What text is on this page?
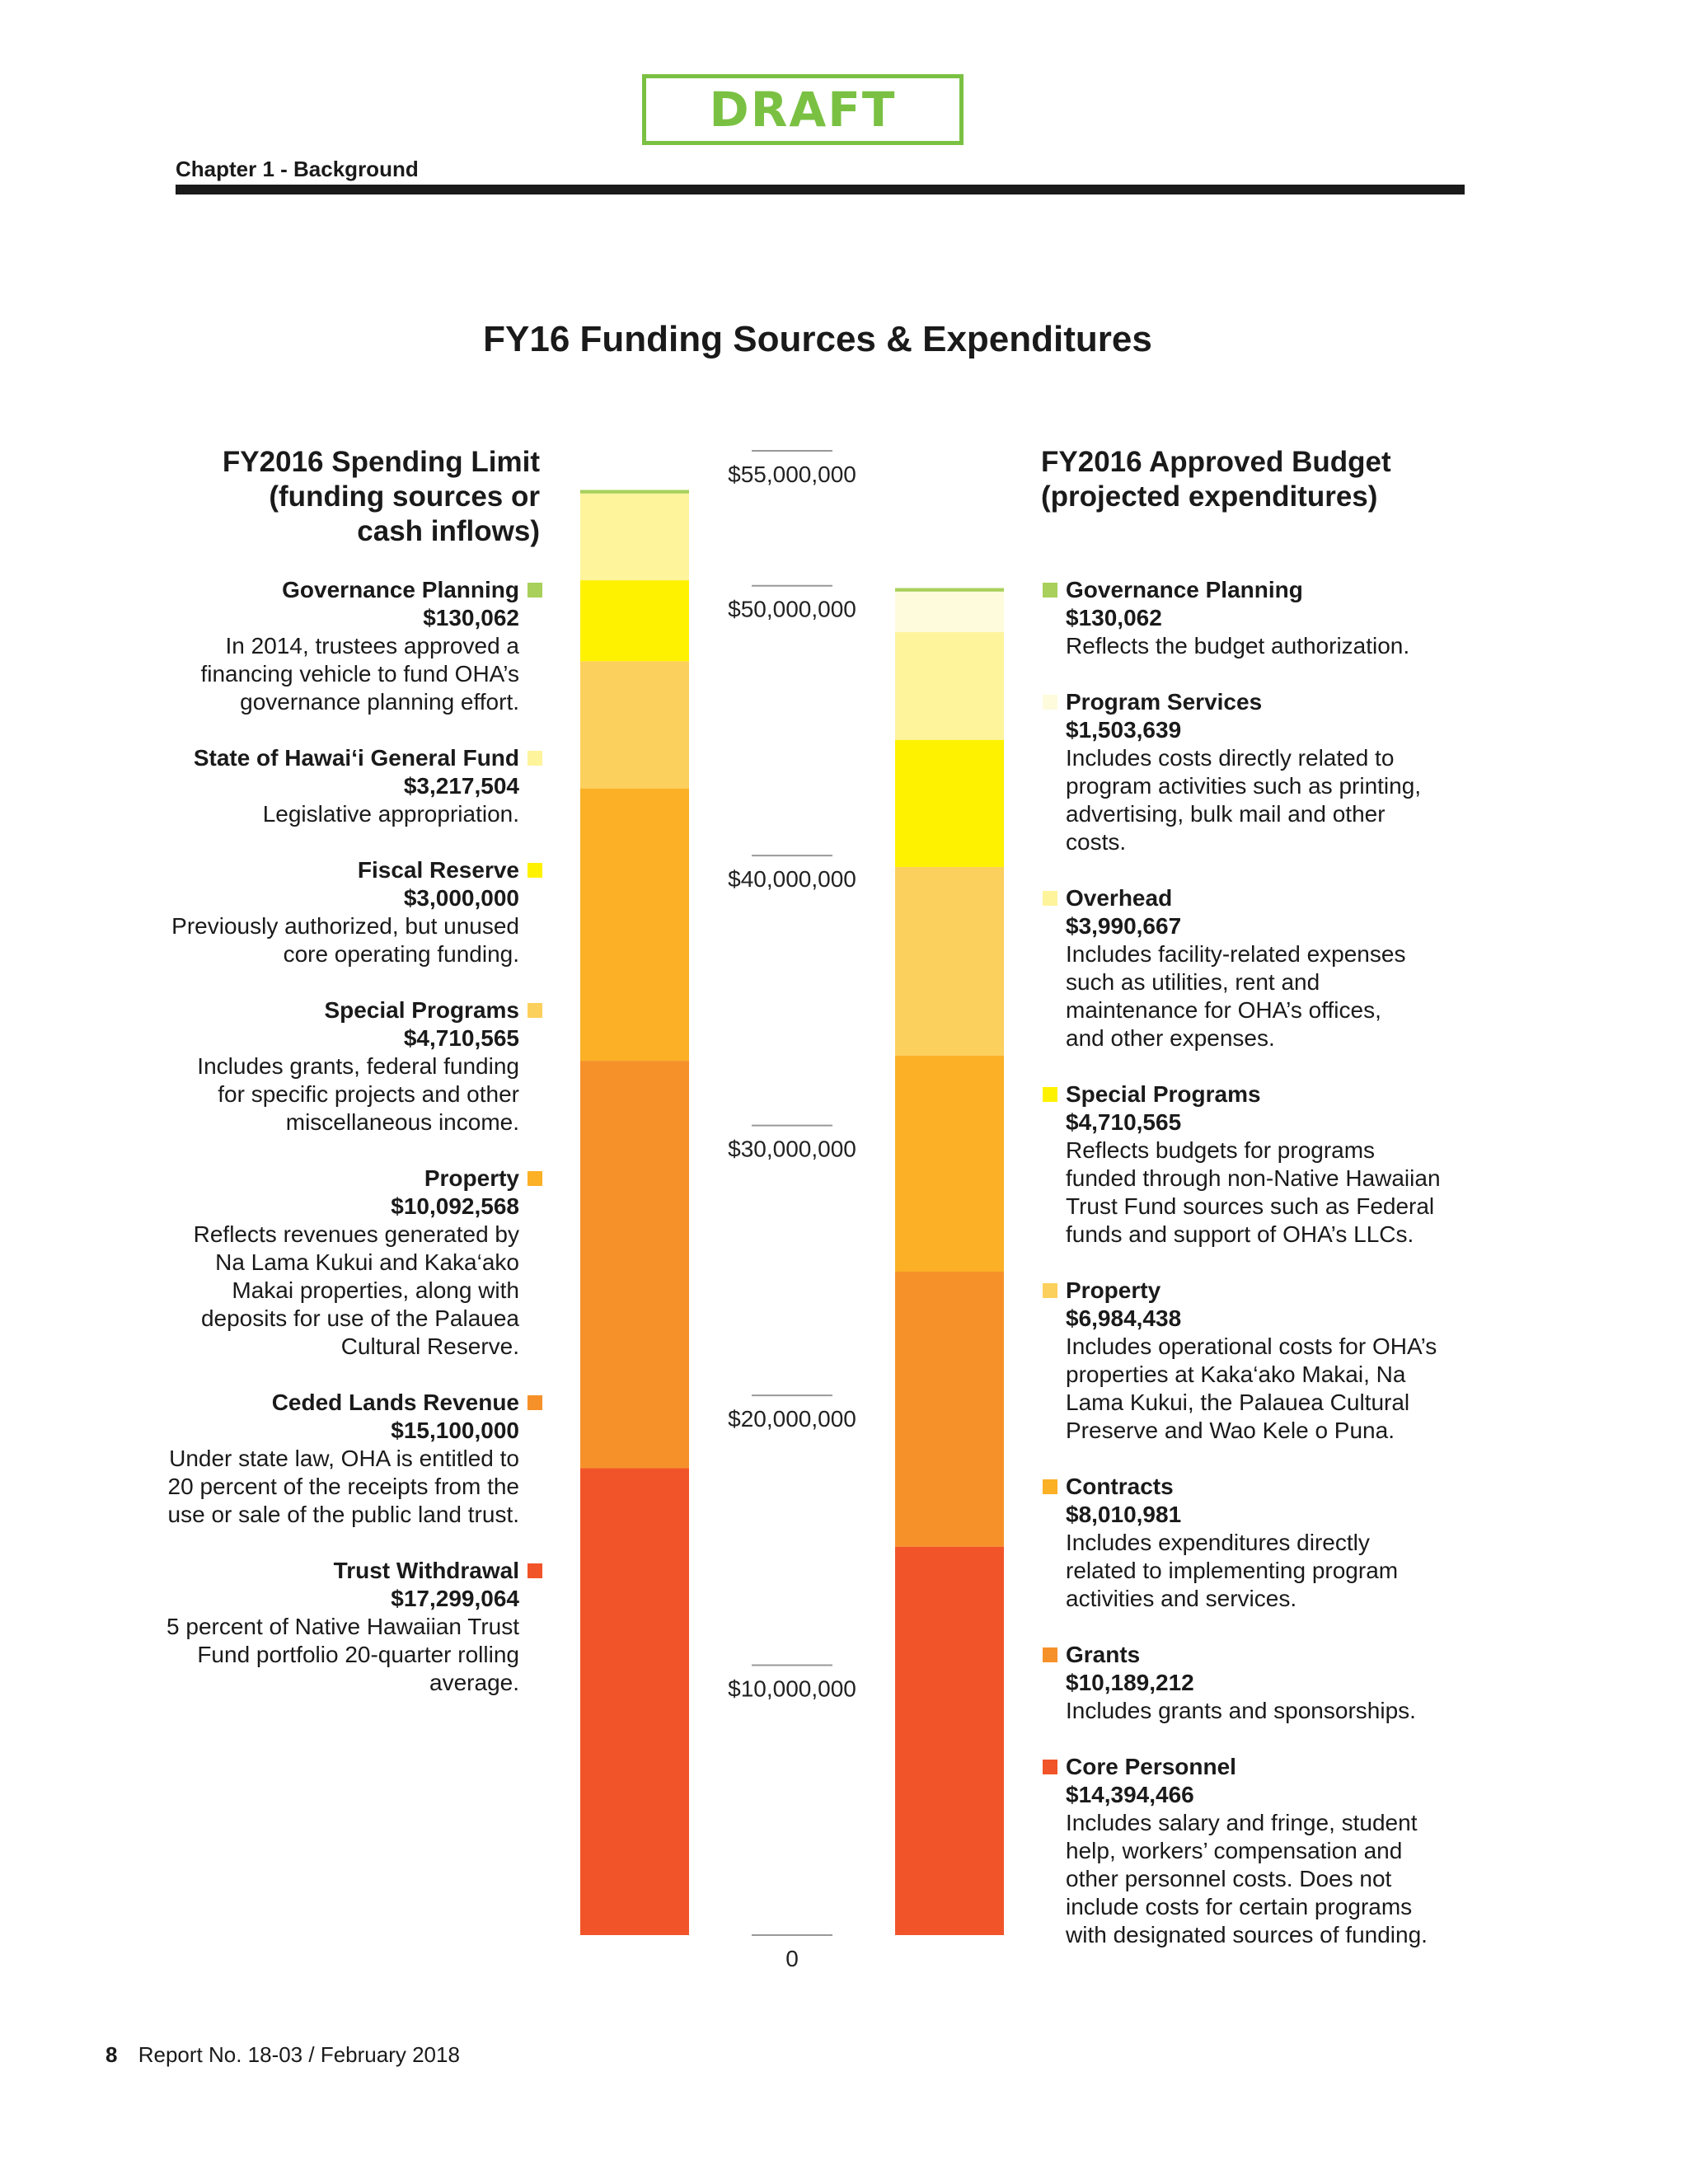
DRAFT
Chapter 1 - Background
FY16 Funding Sources & Expenditures
FY2016 Spending Limit
(funding sources or
cash inflows)
FY2016 Approved Budget
(projected expenditures)
0
$10,000,000
$20,000,000
$30,000,000
$40,000,000
$50,000,000
$55,000,000
Governance Planning
$130,062
In 2014, trustees approved a
financing vehicle to fund OHA’s
governance planning effort.
State of Hawai‘i General Fund
$3,217,504
Legislative appropriation.
Fiscal Reserve
$3,000,000
Previously authorized, but unused
core operating funding.
Special Programs
$4,710,565
Includes grants, federal funding
for specific projects and other
miscellaneous income.
Property
$10,092,568
Reflects revenues generated by
Na Lama Kukui and Kaka‘ako
Makai properties, along with
deposits for use of the Palauea
Cultural Reserve.
Ceded Lands Revenue
$15,100,000
Under state law, OHA is entitled to
20 percent of the receipts from the
use or sale of the public land trust.
Trust Withdrawal
$17,299,064
5 percent of Native Hawaiian Trust
Fund portfolio 20-quarter rolling
average.
Governance Planning
$130,062
Reflects the budget authorization.
Program Services
$1,503,639
Includes costs directly related to
program activities such as printing,
advertising, bulk mail and other
costs.
Overhead
$3,990,667
Includes facility-related expenses
such as utilities, rent and
maintenance for OHA’s offices,
and other expenses.
Special Programs
$4,710,565
Reflects budgets for programs
funded through non-Native Hawaiian
Trust Fund sources such as Federal
funds and support of OHA’s LLCs.
Property
$6,984,438
Includes operational costs for OHA’s
properties at Kaka‘ako Makai, Na
Lama Kukui, the Palauea Cultural
Preserve and Wao Kele o Puna.
Contracts
$8,010,981
Includes expenditures directly
related to implementing program
activities and services.
Grants
$10,189,212
Includes grants and sponsorships.
Core Personnel
$14,394,466
Includes salary and fringe, student
help, workers’ compensation and
other personnel costs. Does not
include costs for certain programs
with designated sources of funding.
8 Report No. 18-03 / February 2018
